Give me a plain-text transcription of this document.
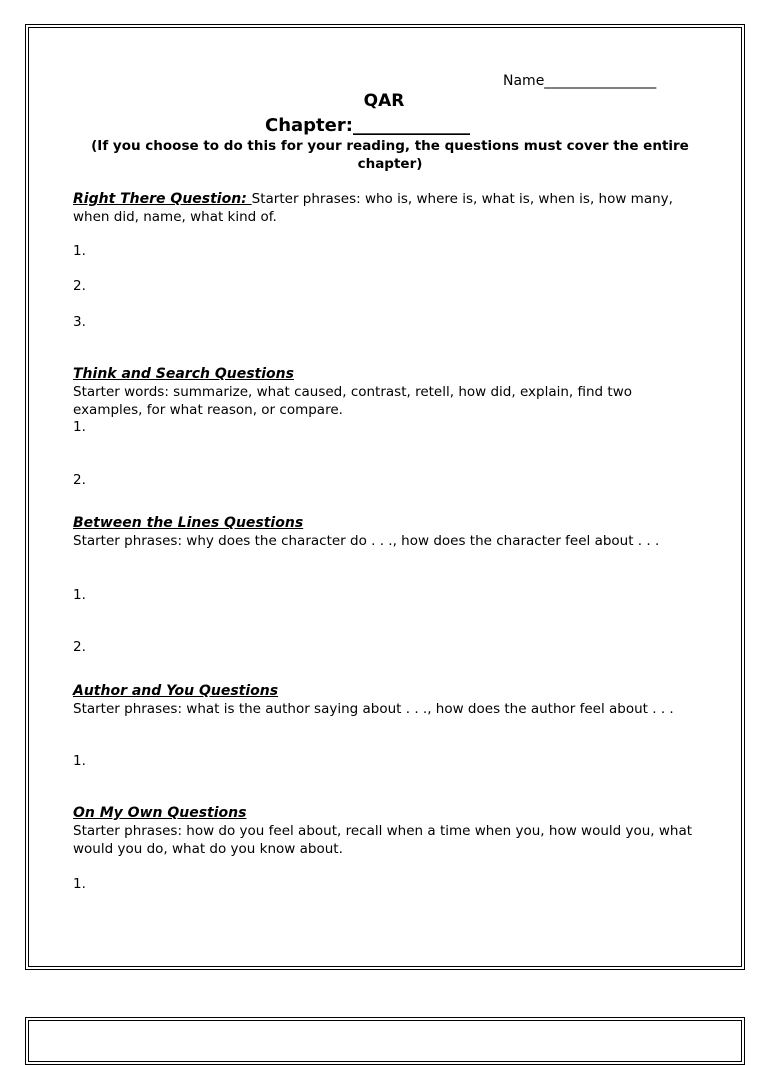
Name________________
QAR
Chapter:_____________
(If you choose to do this for your reading, the questions must cover the entire chapter)
Right There Question: Starter phrases: who is, where is, what is, when is, how many, when did, name, what kind of.
1.
2.
3.
Think and Search Questions
Starter words: summarize, what caused, contrast, retell, how did, explain, find two examples, for what reason, or compare.
1.
2.
Between the Lines Questions
Starter phrases: why does the character do . . ., how does the character feel about . . .
1.
2.
Author and You Questions
Starter phrases: what is the author saying about . . ., how does the author feel about . . .
1.
On My Own Questions
Starter phrases: how do you feel about, recall when a time when you, how would you, what would you do, what do you know about.
1.
